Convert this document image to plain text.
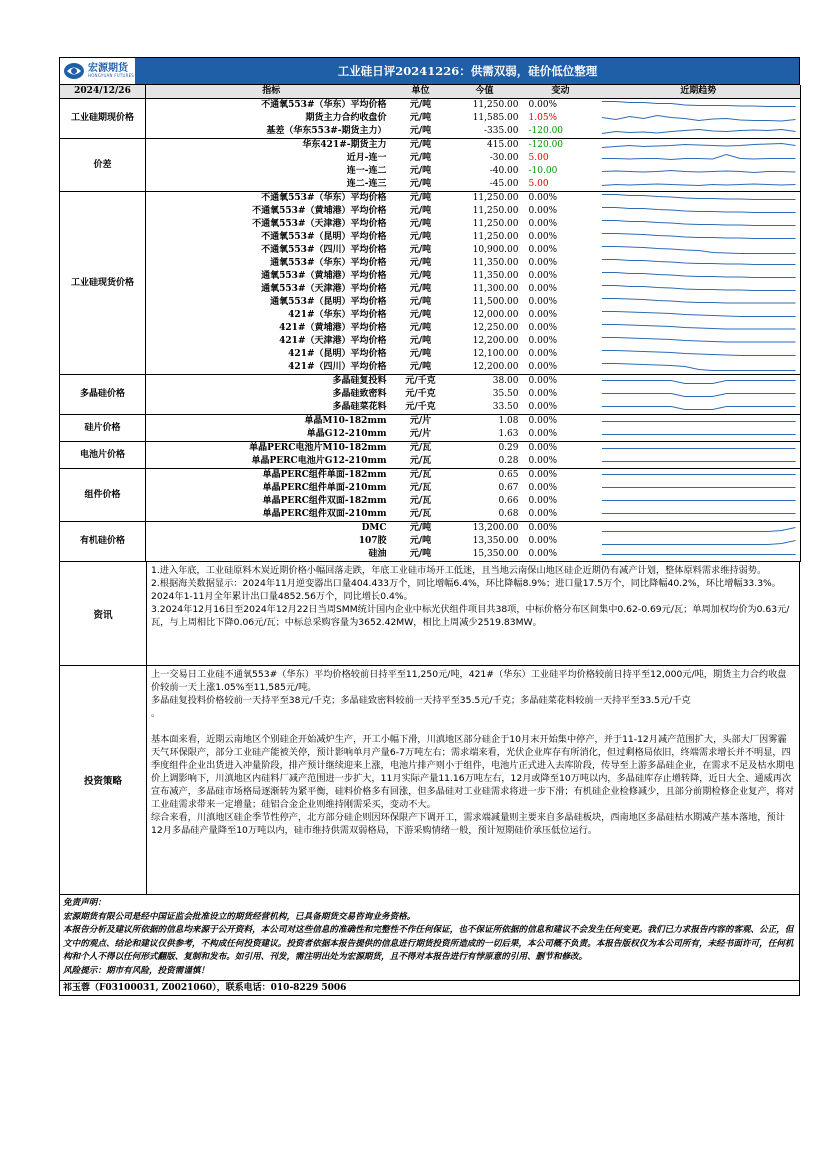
宏源期货
HONGYUAN FUTURES	工业硅日评20241226：供需双弱，硅价低位整理
2024/12/26	指标	单位	今值	变动	近期趋势
工业硅期现价格	不通氧553#（华东）平均价格	元/吨	11,250.00	0.00%	

	期货主力合约收盘价	元/吨	11,585.00	1.05%	

	基差（华东553#-期货主力）	元/吨	-335.00	-120.00	

价差	华东421#-期货主力	元/吨	415.00	-120.00	

	近月-连一	元/吨	-30.00	5.00	

	连一-连二	元/吨	-40.00	-10.00	

	连二-连三	元/吨	-45.00	5.00	

工业硅现货价格	不通氧553#（华东）平均价格	元/吨	11,250.00	0.00%	

	不通氧553#（黄埔港）平均价格	元/吨	11,250.00	0.00%	

	不通氧553#（天津港）平均价格	元/吨	11,250.00	0.00%	

	不通氧553#（昆明）平均价格	元/吨	11,250.00	0.00%	

	不通氧553#（四川）平均价格	元/吨	10,900.00	0.00%	

	通氧553#（华东）平均价格	元/吨	11,350.00	0.00%	

	通氧553#（黄埔港）平均价格	元/吨	11,350.00	0.00%	

	通氧553#（天津港）平均价格	元/吨	11,300.00	0.00%	

	通氧553#（昆明）平均价格	元/吨	11,500.00	0.00%	

	421#（华东）平均价格	元/吨	12,000.00	0.00%	

	421#（黄埔港）平均价格	元/吨	12,250.00	0.00%	

	421#（天津港）平均价格	元/吨	12,200.00	0.00%	

	421#（昆明）平均价格	元/吨	12,100.00	0.00%	

	421#（四川）平均价格	元/吨	12,200.00	0.00%	

多晶硅价格	多晶硅复投料	元/千克	38.00	0.00%	

	多晶硅致密料	元/千克	35.50	0.00%	

	多晶硅菜花料	元/千克	33.50	0.00%	

硅片价格	单晶M10-182mm	元/片	1.08	0.00%	

	单晶G12-210mm	元/片	1.63	0.00%	

电池片价格	单晶PERC电池片M10-182mm	元/瓦	0.29	0.00%	

	单晶PERC电池片G12-210mm	元/瓦	0.28	0.00%	

组件价格	单晶PERC组件单面-182mm	元/瓦	0.65	0.00%	

	单晶PERC组件单面-210mm	元/瓦	0.67	0.00%	

	单晶PERC组件双面-182mm	元/瓦	0.66	0.00%	

	单晶PERC组件双面-210mm	元/瓦	0.68	0.00%	

有机硅价格	DMC	元/吨	13,200.00	0.00%	

	107胶	元/吨	13,350.00	0.00%	

	硅油	元/吨	15,350.00	0.00%	
资讯

1.进入年底，工业硅原料木炭近期价格小幅回落走跌，年底工业硅市场开工低迷，且当地云南保山地区硅企近期仍有减产计划，整体原料需求维持弱势。

2.根据海关数据显示：2024年11月逆变器出口量404.433万个，同比增幅6.4%，环比降幅8.9%；进口量17.5万个，同比降幅40.2%，环比增幅33.3%。2024年1-11月全年累计出口量4852.56万个，同比增长0.4%。

3.2024年12月16日至2024年12月22日当周SMM统计国内企业中标光伏组件项目共38项，中标价格分布区间集中0.62-0.69元/瓦；单周加权均价为0.63元/瓦，与上周相比下降0.06元/瓦；中标总采购容量为3652.42MW，相比上周减少2519.83MW。

投资策略

上一交易日工业硅不通氧553#（华东）平均价格较前日持平至11,250元/吨，421#（华东）工业硅平均价格较前日持平至12,000元/吨，期货主力合约收盘价较前一天上涨1.05%至11,585元/吨。

多晶硅复投料价格较前一天持平至38元/千克；多晶硅致密料较前一天持平至35.5元/千克；多晶硅菜花料较前一天持平至33.5元/千克

。

基本面来看，近期云南地区个别硅企开始减炉生产，开工小幅下滑，川滇地区部分硅企于10月末开始集中停产，并于11-12月减产范围扩大，头部大厂因雾霾天气环保限产，部分工业硅产能被关停，预计影响单月产量6-7万吨左右；需求端来看，光伏企业库存有所消化，但过剩格局依旧，终端需求增长并不明显，四季度组件企业出货进入冲量阶段，排产预计继续迎来上涨，电池片排产则小于组件，电池片正式进入去库阶段，传导至上游多晶硅企业，在需求不足及枯水期电价上调影响下，川滇地区内硅料厂减产范围进一步扩大，11月实际产量11.16万吨左右，12月或降至10万吨以内，多晶硅库存止增转降，近日大全、通威再次宣布减产，多晶硅市场格局逐渐转为紧平衡，硅料价格多有回涨，但多晶硅对工业硅需求将进一步下滑；有机硅企业检修减少，且部分前期检修企业复产，将对工业硅需求带来一定增量；硅铝合金企业则维持刚需采买，变动不大。

综合来看，川滇地区硅企季节性停产，北方部分硅企则因环保限产下调开工，需求端减量则主要来自多晶硅板块，西南地区多晶硅枯水期减产基本落地，预计12月多晶硅产量降至10万吨以内，硅市维持供需双弱格局，下游采购情绪一般，预计短期硅价承压低位运行。

免责声明：

宏源期货有限公司是经中国证监会批准设立的期货经营机构，已具备期货交易咨询业务资格。

本报告分析及建议所依据的信息均来源于公开资料，本公司对这些信息的准确性和完整性不作任何保证，也不保证所依据的信息和建议不会发生任何变更。我们已力求报告内容的客观、公正，但文中的观点、结论和建议仅供参考，不构成任何投资建议。投资者依据本报告提供的信息进行期货投资所造成的一切后果，本公司概不负责。本报告版权仅为本公司所有，未经书面许可，任何机构和个人不得以任何形式翻版、复制和发布。如引用、刊发，需注明出处为宏源期货，且不得对本报告进行有悖原意的引用、删节和修改。

风险提示：期市有风险，投资需谨慎！

祁玉蓉（F03100031, Z0021060），联系电话：010-8229 5006
